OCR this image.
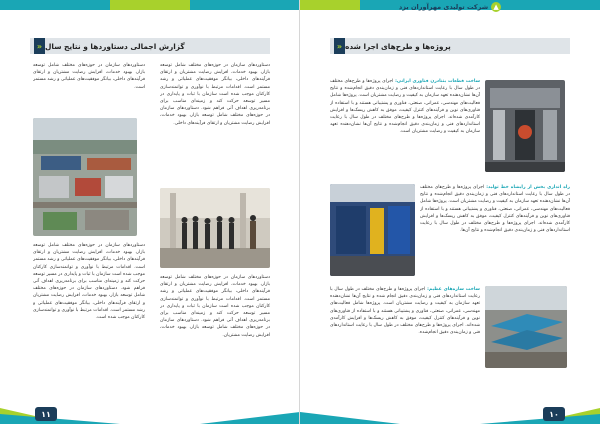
گزارش اجمالی دستاوردها و نتایج سال
«
دستاوردهای سازمان در حوزه‌های مختلف شامل توسعه بازار، بهبود خدمات، افزایش رضایت مشتریان و ارتقای فرآیندهای داخلی، بیانگر موفقیت‌های عملیاتی و رشد مستمر است. اقدامات مرتبط با نوآوری و توانمندسازی کارکنان موجب شده است سازمان با ثبات و پایداری در مسیر توسعه حرکت کند و زمینه‌ای مناسب برای برنامه‌ریزی اهداف آتی فراهم شود. دستاوردهای سازمان در حوزه‌های مختلف شامل توسعه بازار، بهبود خدمات، افزایش رضایت مشتریان و ارتقای فرآیندهای داخلی.
دستاوردهای سازمان در حوزه‌های مختلف شامل توسعه بازار، بهبود خدمات، افزایش رضایت مشتریان و ارتقای فرآیندهای داخلی، بیانگر موفقیت‌های عملیاتی و رشد مستمر است. اقدامات مرتبط با نوآوری و توانمندسازی کارکنان موجب شده است سازمان با ثبات و پایداری در مسیر توسعه حرکت کند و زمینه‌ای مناسب برای برنامه‌ریزی اهداف آتی فراهم شود. دستاوردهای سازمان در حوزه‌های مختلف شامل توسعه بازار، بهبود خدمات، افزایش رضایت مشتریان.
دستاوردهای سازمان در حوزه‌های مختلف شامل توسعه بازار، بهبود خدمات، افزایش رضایت مشتریان و ارتقای فرآیندهای داخلی، بیانگر موفقیت‌های عملیاتی و رشد مستمر است.
دستاوردهای سازمان در حوزه‌های مختلف شامل توسعه بازار، بهبود خدمات، افزایش رضایت مشتریان و ارتقای فرآیندهای داخلی، بیانگر موفقیت‌های عملیاتی و رشد مستمر است. اقدامات مرتبط با نوآوری و توانمندسازی کارکنان موجب شده است سازمان با ثبات و پایداری در مسیر توسعه حرکت کند و زمینه‌ای مناسب برای برنامه‌ریزی اهداف آتی فراهم شود. دستاوردهای سازمان در حوزه‌های مختلف شامل توسعه بازار، بهبود خدمات، افزایش رضایت مشتریان و ارتقای فرآیندهای داخلی، بیانگر موفقیت‌های عملیاتی و رشد مستمر است. اقدامات مرتبط با نوآوری و توانمندسازی کارکنان موجب شده است.
۱۱
▲
شرکت تولیدی مهرآوران یزد
پروژه‌ها و طرح‌های اجرا شده
«
ساخت قطعات بتنادرن فناوری ایرانی: اجرای پروژه‌ها و طرح‌های مختلف در طول سال با رعایت استانداردهای فنی و زمان‌بندی دقیق انجام‌شده و نتایج آن‌ها نشان‌دهنده تعهد سازمان به کیفیت و رضایت مشتریان است. پروژه‌ها شامل فعالیت‌های مهندسی، عمرانی، صنعتی، فناوری و پشتیبانی هستند و با استفاده از فناوری‌های نوین و فرآیندهای کنترل کیفیت، موفق به کاهش ریسک‌ها و افزایش کارآمدی شده‌اند. اجرای پروژه‌ها و طرح‌های مختلف در طول سال با رعایت استانداردهای فنی و زمان‌بندی دقیق انجام‌شده و نتایج آن‌ها نشان‌دهنده تعهد سازمان به کیفیت و رضایت مشتریان است.
راه اندازی بخش از رایشاه خط تولید: اجرای پروژه‌ها و طرح‌های مختلف در طول سال با رعایت استانداردهای فنی و زمان‌بندی دقیق انجام‌شده و نتایج آن‌ها نشان‌دهنده تعهد سازمان به کیفیت و رضایت مشتریان است. پروژه‌ها شامل فعالیت‌های مهندسی، عمرانی، صنعتی، فناوری و پشتیبانی هستند و با استفاده از فناوری‌های نوین و فرآیندهای کنترل کیفیت، موفق به کاهش ریسک‌ها و افزایش کارآمدی شده‌اند. اجرای پروژه‌ها و طرح‌های مختلف در طول سال با رعایت استانداردهای فنی و زمان‌بندی دقیق انجام‌شده و نتایج آن‌ها.
ساخت سازه‌های عظیم: اجرای پروژه‌ها و طرح‌های مختلف در طول سال با رعایت استانداردهای فنی و زمان‌بندی دقیق انجام شده و نتایج آن‌ها نشان‌دهنده تعهد سازمان به کیفیت و رضایت مشتریان است. پروژه‌ها شامل فعالیت‌های مهندسی، عمرانی، صنعتی، فناوری و پشتیبانی هستند و با استفاده از فناوری‌های نوین و فرآیندهای کنترل کیفیت، موفق به کاهش ریسک‌ها و افزایش کارآمدی شده‌اند. اجرای پروژه‌ها و طرح‌های مختلف در طول سال با رعایت استانداردهای فنی و زمان‌بندی دقیق انجام‌شده.
۱۰
